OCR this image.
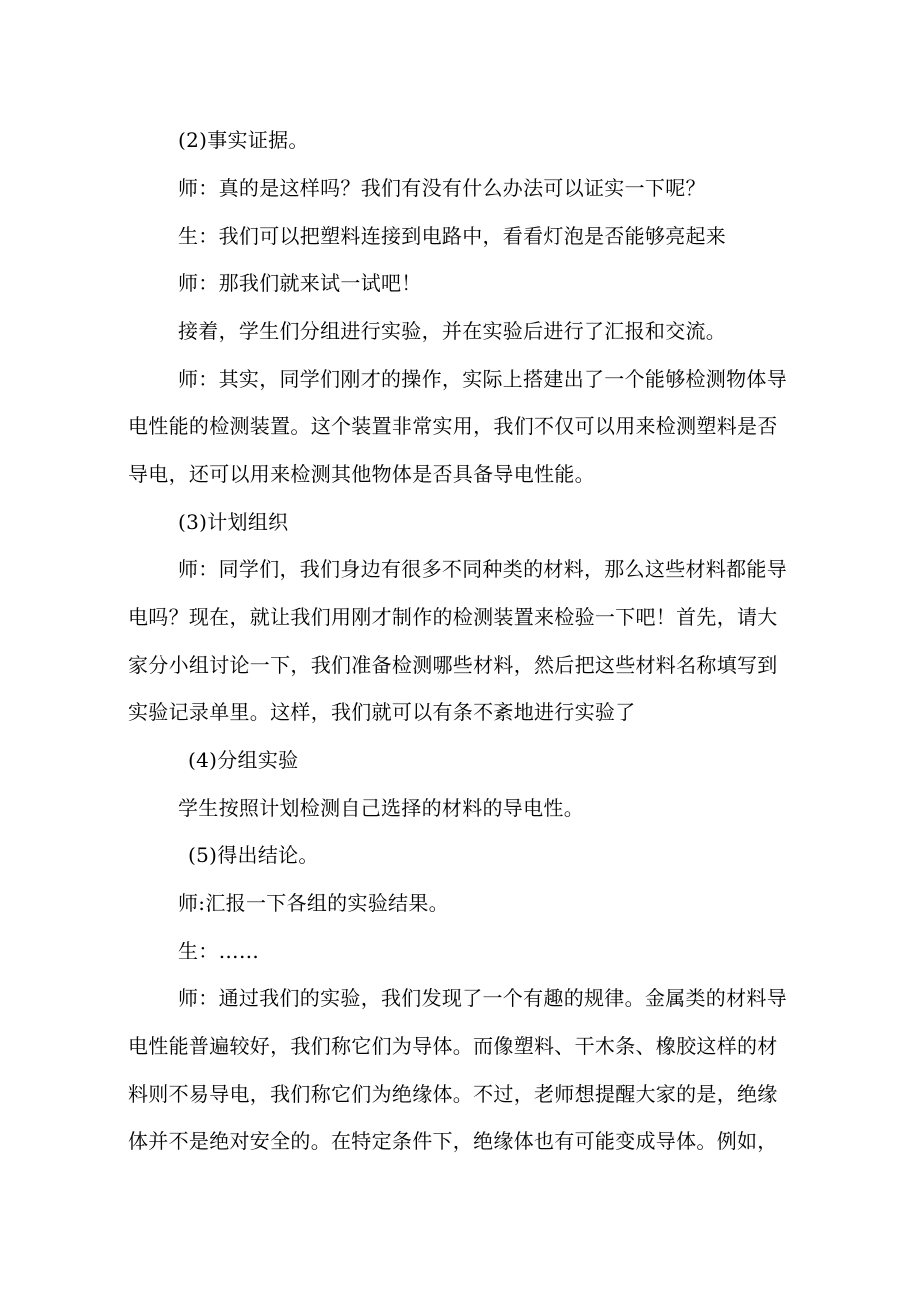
(2)事实证据。
师：真的是这样吗？我们有没有什么办法可以证实一下呢？
生：我们可以把塑料连接到电路中，看看灯泡是否能够亮起来
师：那我们就来试一试吧！
接着，学生们分组进行实验，并在实验后进行了汇报和交流。
师：其实，同学们刚才的操作，实际上搭建出了一个能够检测物体导
电性能的检测装置。这个装置非常实用，我们不仅可以用来检测塑料是否
导电，还可以用来检测其他物体是否具备导电性能。
(3)计划组织
师：同学们，我们身边有很多不同种类的材料，那么这些材料都能导
电吗？现在，就让我们用刚才制作的检测装置来检验一下吧！首先，请大
家分小组讨论一下，我们准备检测哪些材料，然后把这些材料名称填写到
实验记录单里。这样，我们就可以有条不紊地进行实验了
(4)分组实验
学生按照计划检测自己选择的材料的导电性。
(5)得出结论。
师:汇报一下各组的实验结果。
生：……
师：通过我们的实验，我们发现了一个有趣的规律。金属类的材料导
电性能普遍较好，我们称它们为导体。而像塑料、干木条、橡胶这样的材
料则不易导电，我们称它们为绝缘体。不过，老师想提醒大家的是，绝缘
体并不是绝对安全的。在特定条件下，绝缘体也有可能变成导体。例如，
